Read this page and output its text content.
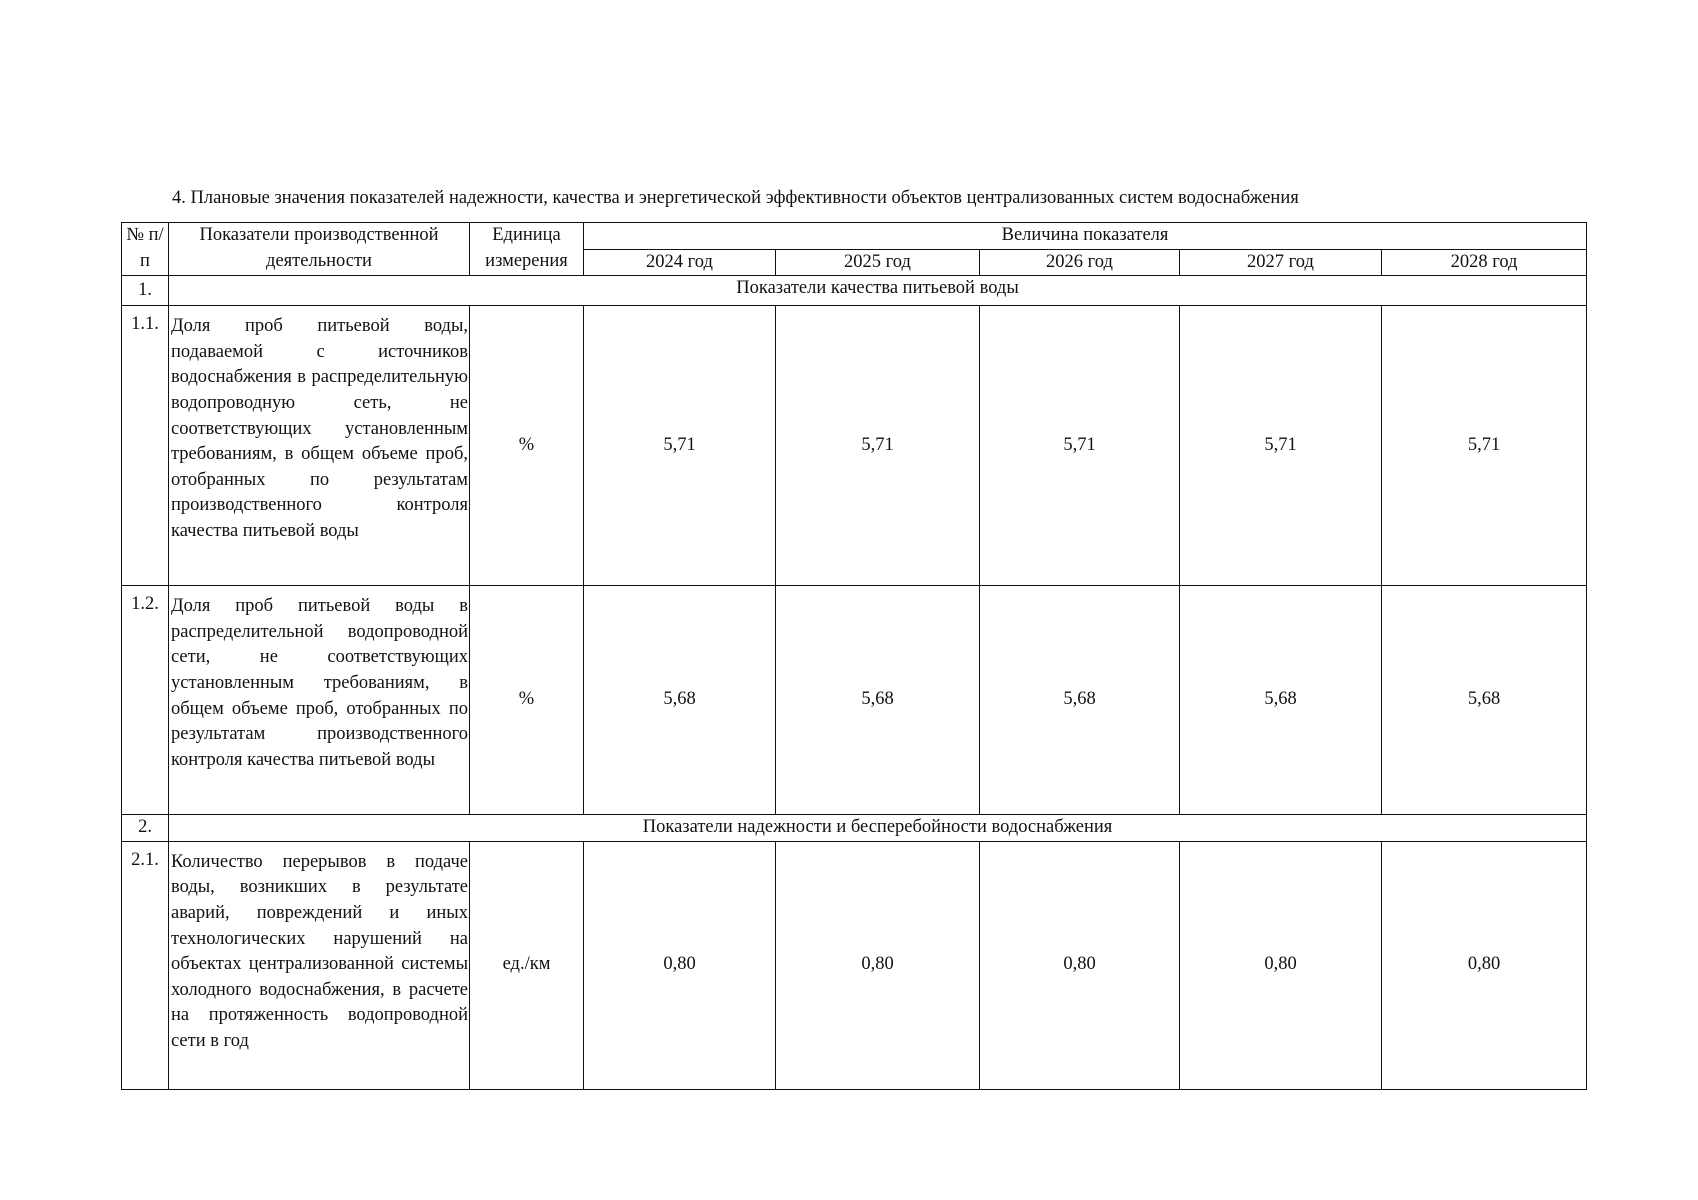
4. Плановые значения показателей надежности, качества и энергетической эффективности объектов централизованных систем водоснабжения
№ п/п	Показатели производственной деятельности	Единица измерения	Величина показателя				
			2024 год	2025 год	2026 год	2027 год	2028 год
1.	Показатели качества питьевой воды						
1.1.	Доля проб питьевой воды, подаваемой с источников водоснабжения в распределительную водопроводную сеть, не соответствующих установленным требованиям, в общем объеме проб, отобранных по результатам производственного контроля качества питьевой воды	%	5,71	5,71	5,71	5,71	5,71
1.2.	Доля проб питьевой воды в распределительной водопроводной сети, не соответствующих установленным требованиям, в общем объеме проб, отобранных по результатам производственного контроля качества питьевой воды	%	5,68	5,68	5,68	5,68	5,68
2.	Показатели надежности и бесперебойности водоснабжения						
2.1.	Количество перерывов в подаче воды, возникших в результате аварий, повреждений и иных технологических нарушений на объектах централизованной системы холодного водоснабжения, в расчете на протяженность водопроводной сети в год	ед./км	0,80	0,80	0,80	0,80	0,80
